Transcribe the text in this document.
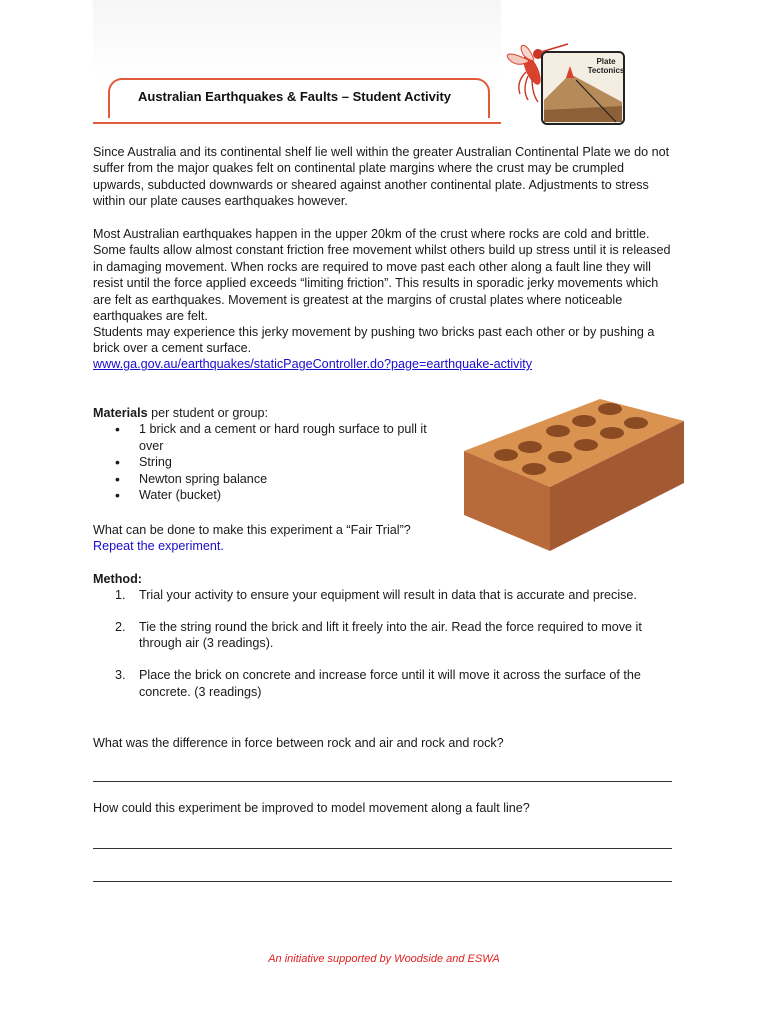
Australian Earthquakes & Faults – Student Activity
Plate
Tectonics

Since Australia and its continental shelf lie well within the greater Australian Continental Plate we do not suffer from the major quakes felt on continental plate margins where the crust may be crumpled upwards, subducted downwards or sheared against another continental plate. Adjustments to stress within our plate causes earthquakes however.

Most Australian earthquakes happen in the upper 20km of the crust where rocks are cold and brittle. Some faults allow almost constant friction free movement whilst others build up stress until it is released in damaging movement. When rocks are required to move past each other along a fault line they will resist until the force applied exceeds “limiting friction”. This results in sporadic jerky movements which are felt as earthquakes. Movement is greatest at the margins of crustal plates where noticeable earthquakes are felt.

Students may experience this jerky movement by pushing two bricks past each other or by pushing a brick over a cement surface.

www.ga.gov.au/earthquakes/staticPageController.do?page=earthquake-activity

Materials per student or group:

• 1 brick and a cement or hard rough surface to pull it over
• String
• Newton spring balance
• Water (bucket)

What can be done to make this experiment a “Fair Trial”?

Repeat the experiment.

Method:

1. Trial your activity to ensure your equipment will result in data that is accurate and precise.
2. Tie the string round the brick and lift it freely into the air. Read the force required to move it through air (3 readings).
3. Place the brick on concrete and increase force until it will move it across the surface of the concrete. (3 readings)

What was the difference in force between rock and air and rock and rock?

How could this experiment be improved to model movement along a fault line?

An initiative supported by Woodside and ESWA
